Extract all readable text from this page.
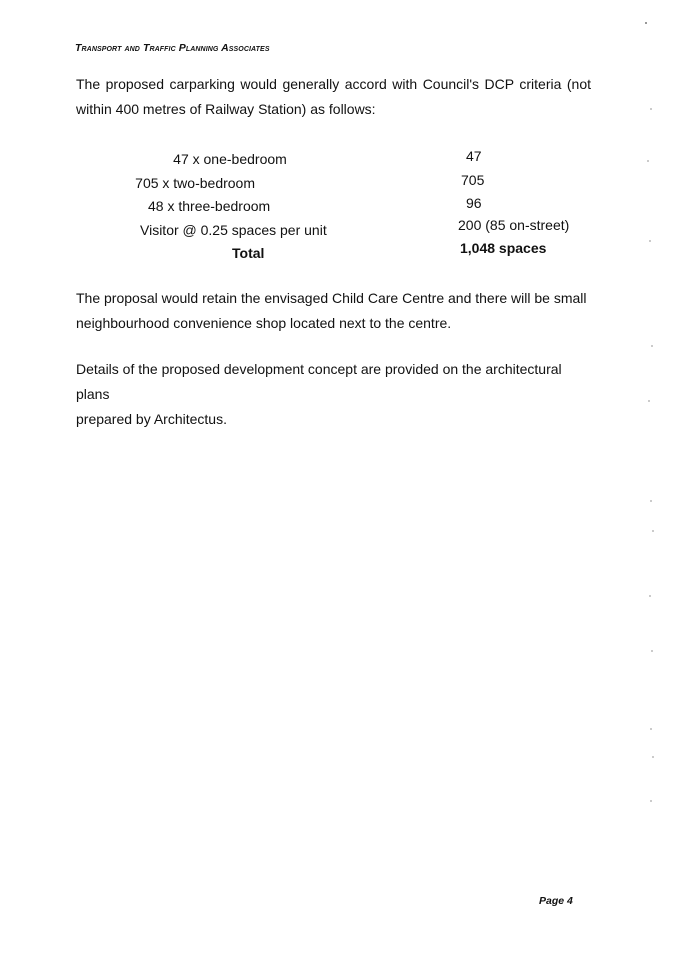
Transport and Traffic Planning Associates
The proposed carparking would generally accord with Council's DCP criteria (not
within 400 metres of Railway Station) as follows:
47 x one-bedroom	47
705 x two-bedroom	705
48 x three-bedroom	96
Visitor @ 0.25 spaces per unit	200 (85 on-street)
Total	1,048 spaces
The proposal would retain the envisaged Child Care Centre and there will be small
neighbourhood convenience shop located next to the centre.
Details of the proposed development concept are provided on the architectural plans
prepared by Architectus.
Page 4
